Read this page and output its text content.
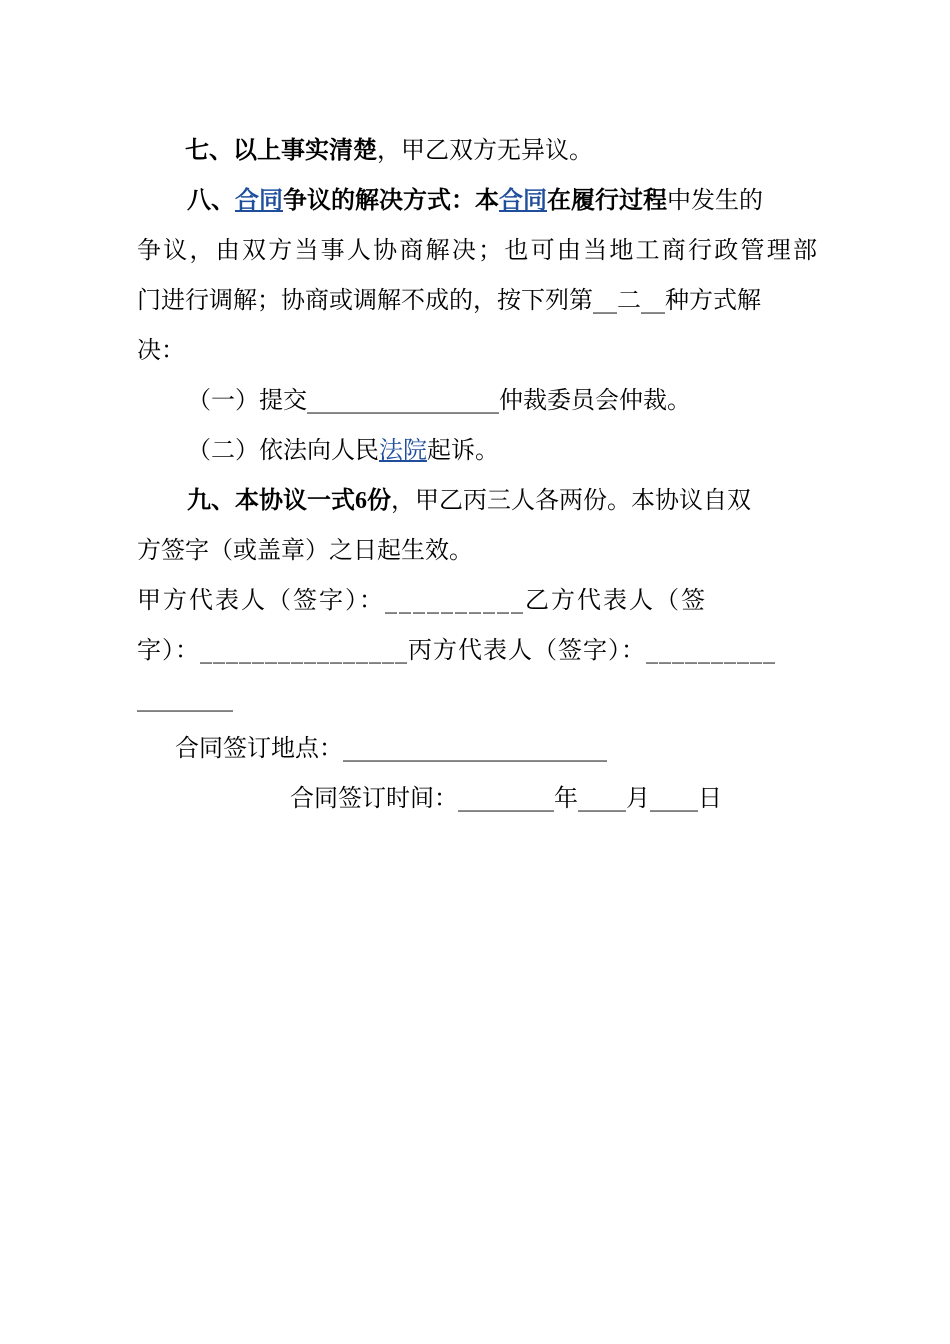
七、以上事实清楚，甲乙双方无异议。
八、合同争议的解决方式：本合同在履行过程中发生的
争议，由双方当事人协商解决；也可由当地工商行政管理部
门进行调解；协商或调解不成的，按下列第__二__种方式解
决：
（一）提交________________仲裁委员会仲裁。
（二）依法向人民法院起诉。
九、本协议一式6份，甲乙丙三人各两份。本协议自双
方签字（或盖章）之日起生效。
甲方代表人（签字）：__________乙方代表人（签
字）：________________丙方代表人（签字）：__________
________
合同签订地点：______________________
合同签订时间：________年____月____日
